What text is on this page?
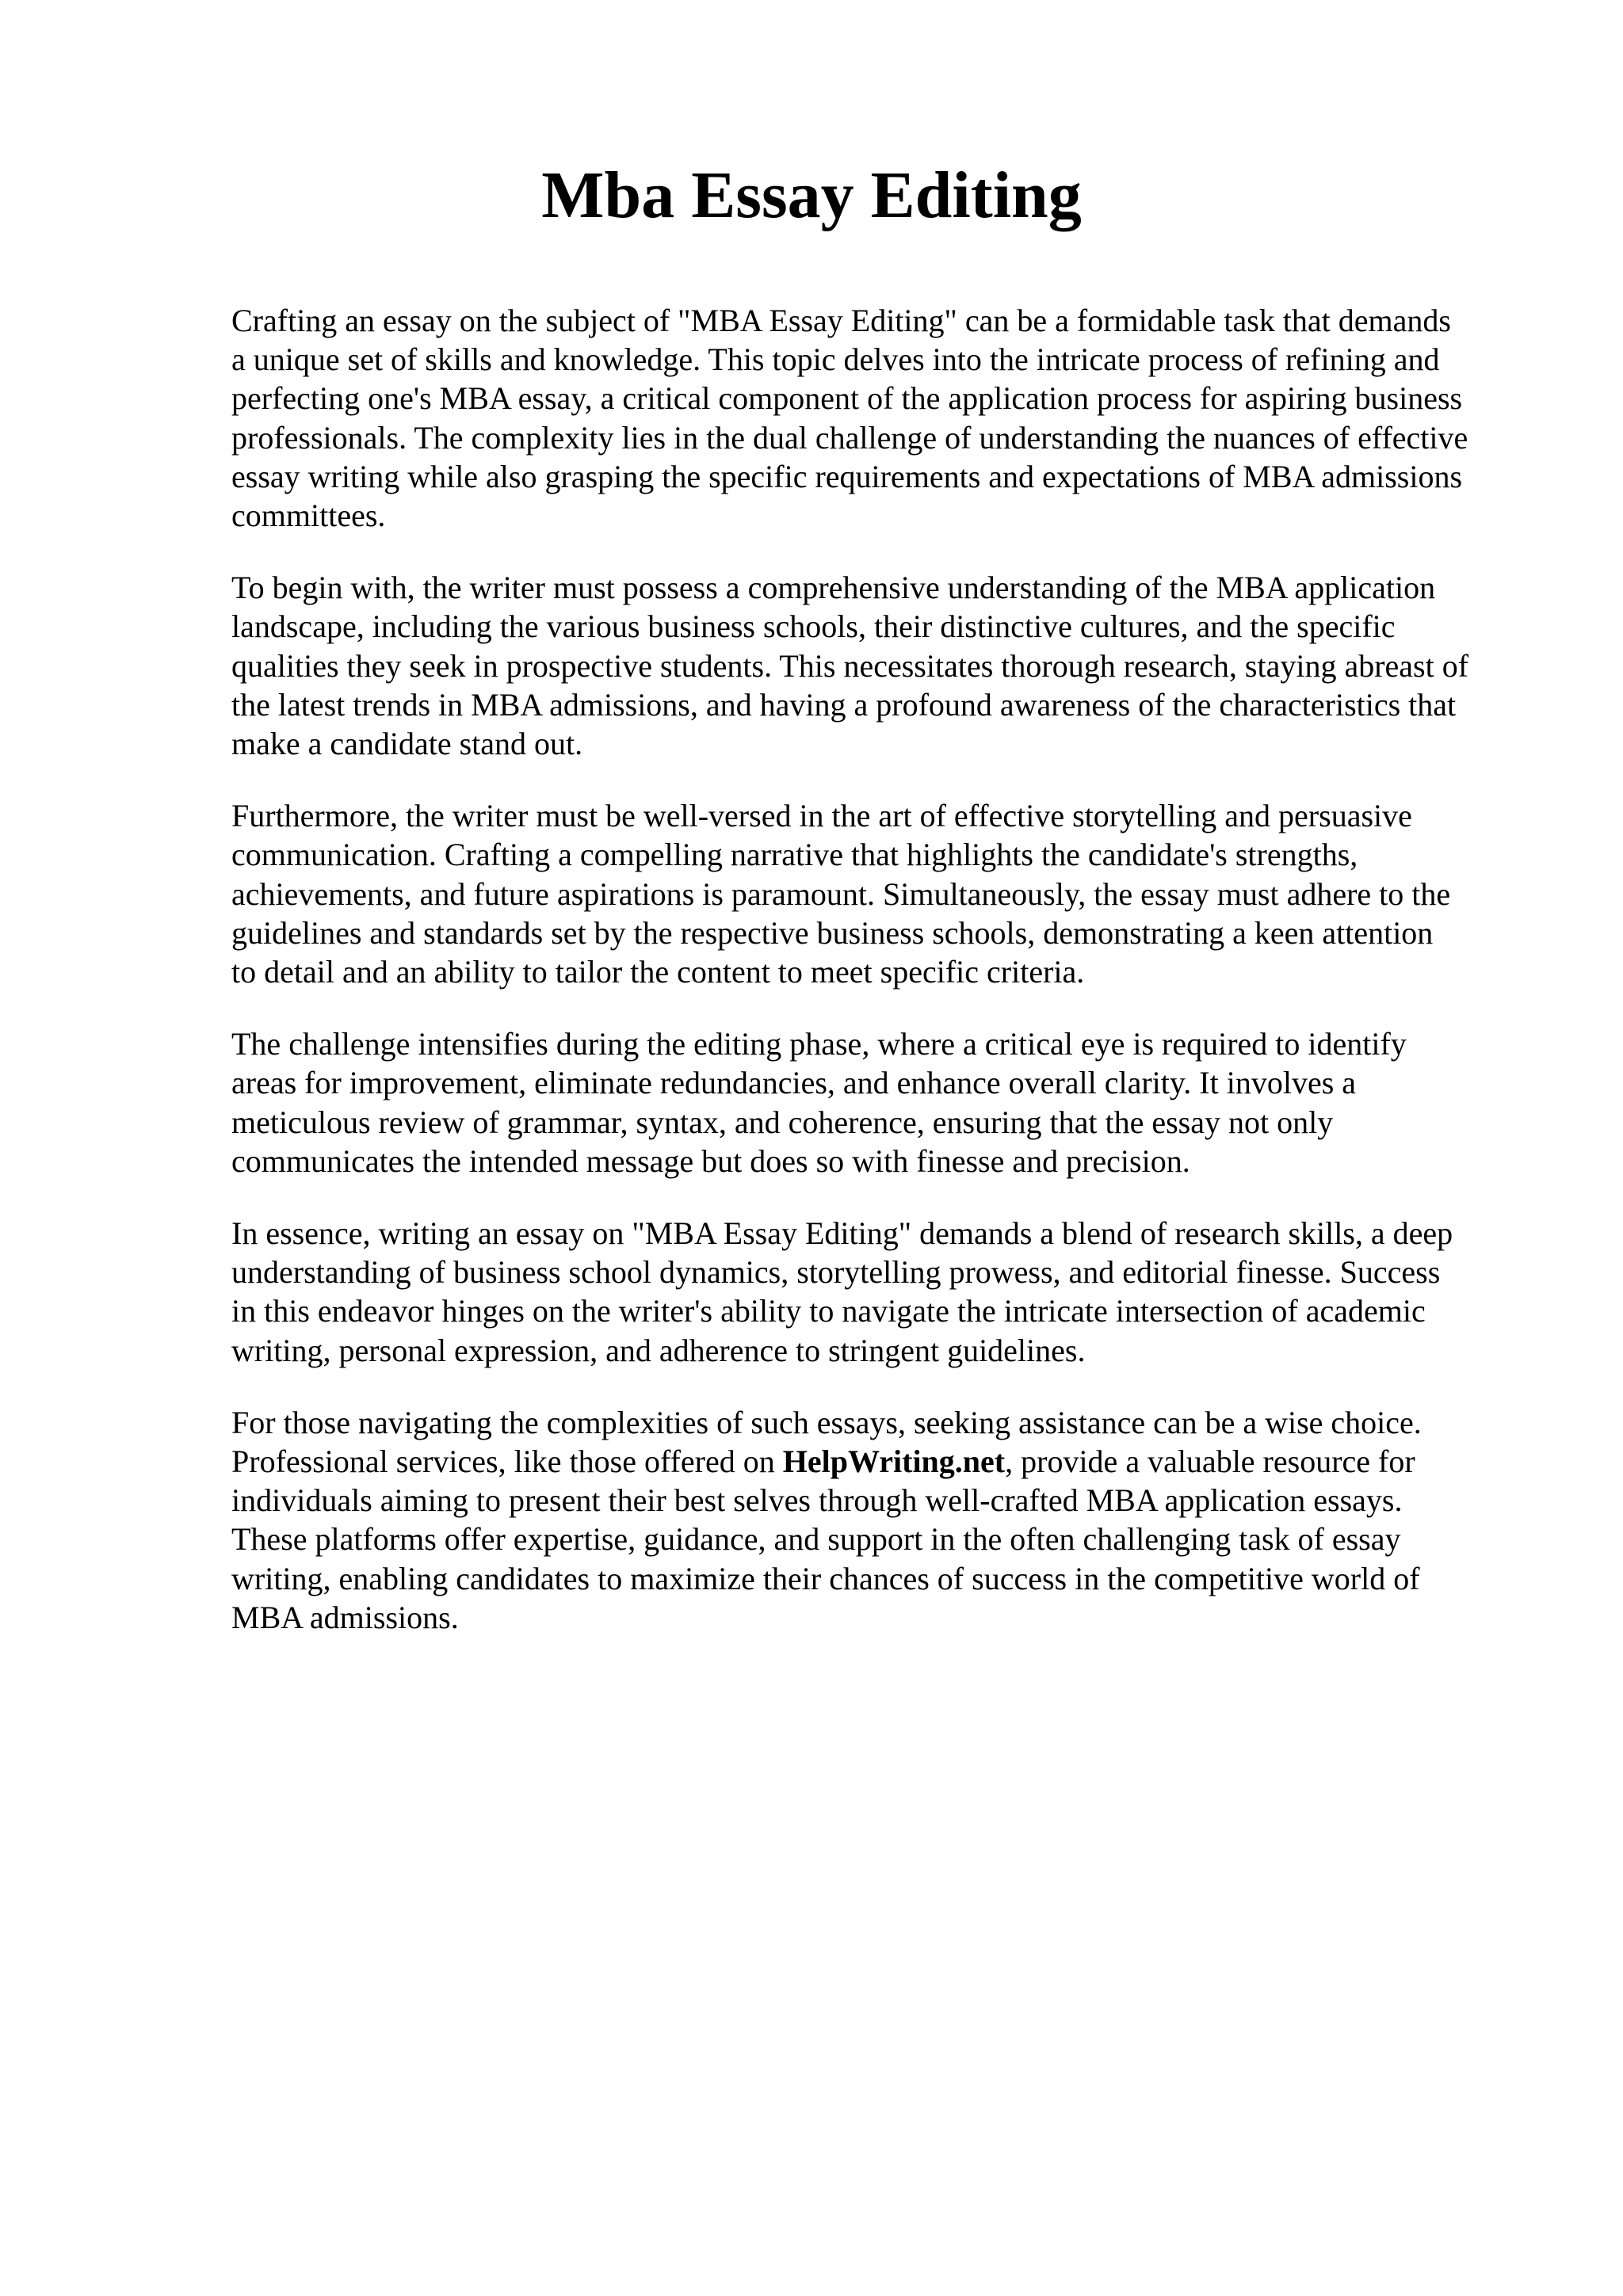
Mba Essay Editing

Crafting an essay on the subject of "MBA Essay Editing" can be a formidable task that demands
a unique set of skills and knowledge. This topic delves into the intricate process of refining and
perfecting one's MBA essay, a critical component of the application process for aspiring business
professionals. The complexity lies in the dual challenge of understanding the nuances of effective
essay writing while also grasping the specific requirements and expectations of MBA admissions
committees.

To begin with, the writer must possess a comprehensive understanding of the MBA application
landscape, including the various business schools, their distinctive cultures, and the specific
qualities they seek in prospective students. This necessitates thorough research, staying abreast of
the latest trends in MBA admissions, and having a profound awareness of the characteristics that
make a candidate stand out.

Furthermore, the writer must be well-versed in the art of effective storytelling and persuasive
communication. Crafting a compelling narrative that highlights the candidate's strengths,
achievements, and future aspirations is paramount. Simultaneously, the essay must adhere to the
guidelines and standards set by the respective business schools, demonstrating a keen attention
to detail and an ability to tailor the content to meet specific criteria.

The challenge intensifies during the editing phase, where a critical eye is required to identify
areas for improvement, eliminate redundancies, and enhance overall clarity. It involves a
meticulous review of grammar, syntax, and coherence, ensuring that the essay not only
communicates the intended message but does so with finesse and precision.

In essence, writing an essay on "MBA Essay Editing" demands a blend of research skills, a deep
understanding of business school dynamics, storytelling prowess, and editorial finesse. Success
in this endeavor hinges on the writer's ability to navigate the intricate intersection of academic
writing, personal expression, and adherence to stringent guidelines.

For those navigating the complexities of such essays, seeking assistance can be a wise choice.
Professional services, like those offered on HelpWriting.net, provide a valuable resource for
individuals aiming to present their best selves through well-crafted MBA application essays.
These platforms offer expertise, guidance, and support in the often challenging task of essay
writing, enabling candidates to maximize their chances of success in the competitive world of
MBA admissions.
